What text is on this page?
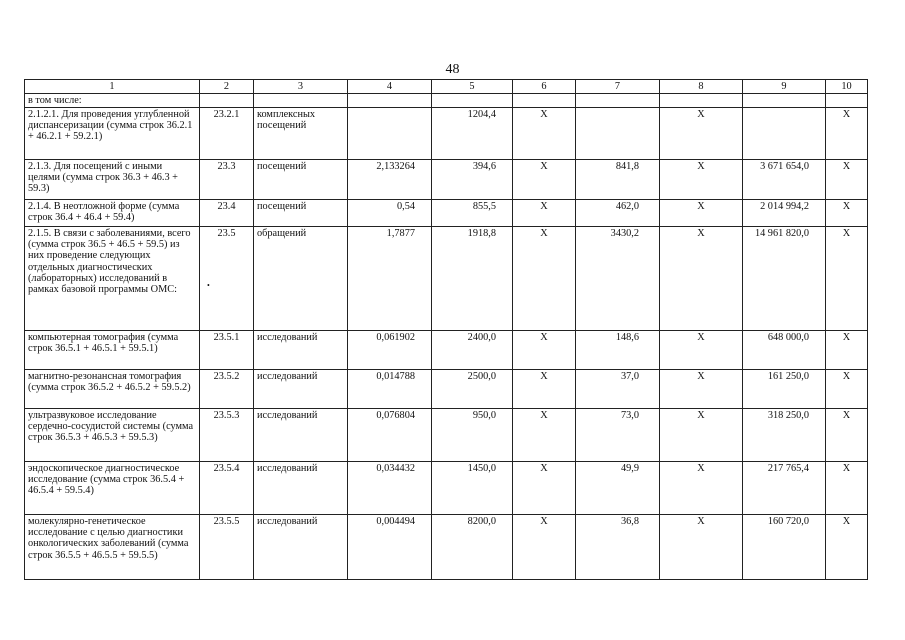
48
1	2	3	4	5	6	7	8	9	10
в том числе:									
2.1.2.1. Для проведения углубленной диспансеризации (сумма строк 36.2.1 + 46.2.1 + 59.2.1)	23.2.1	комплексных посещений		1204,4	X		X		X
2.1.3. Для посещений с иными целями (сумма строк 36.3 + 46.3 + 59.3)	23.3	посещений	2,133264	394,6	X	841,8	X	3 671 654,0	X
2.1.4. В неотложной форме (сумма строк 36.4 + 46.4 + 59.4)	23.4	посещений	0,54	855,5	X	462,0	X	2 014 994,2	X
2.1.5. В связи с заболеваниями, всего (сумма строк 36.5 + 46.5 + 59.5) из них проведение следующих отдельных диагностических (лабораторных) исследований в рамках базовой программы ОМС:	23.5	обращений	1,7877	1918,8	X	3430,2	X	14 961 820,0	X
компьютерная томография (сумма строк 36.5.1 + 46.5.1 + 59.5.1)	23.5.1	исследований	0,061902	2400,0	X	148,6	X	648 000,0	X
магнитно-резонансная томография (сумма строк 36.5.2 + 46.5.2 + 59.5.2)	23.5.2	исследований	0,014788	2500,0	X	37,0	X	161 250,0	X
ультразвуковое исследование сердечно-сосудистой системы (сумма строк 36.5.3 + 46.5.3 + 59.5.3)	23.5.3	исследований	0,076804	950,0	X	73,0	X	318 250,0	X
эндоскопическое диагностическое исследование (сумма строк 36.5.4 + 46.5.4 + 59.5.4)	23.5.4	исследований	0,034432	1450,0	X	49,9	X	217 765,4	X
молекулярно-генетическое исследование с целью диагностики онкологических заболеваний (сумма строк 36.5.5 + 46.5.5 + 59.5.5)	23.5.5	исследований	0,004494	8200,0	X	36,8	X	160 720,0	X
•
